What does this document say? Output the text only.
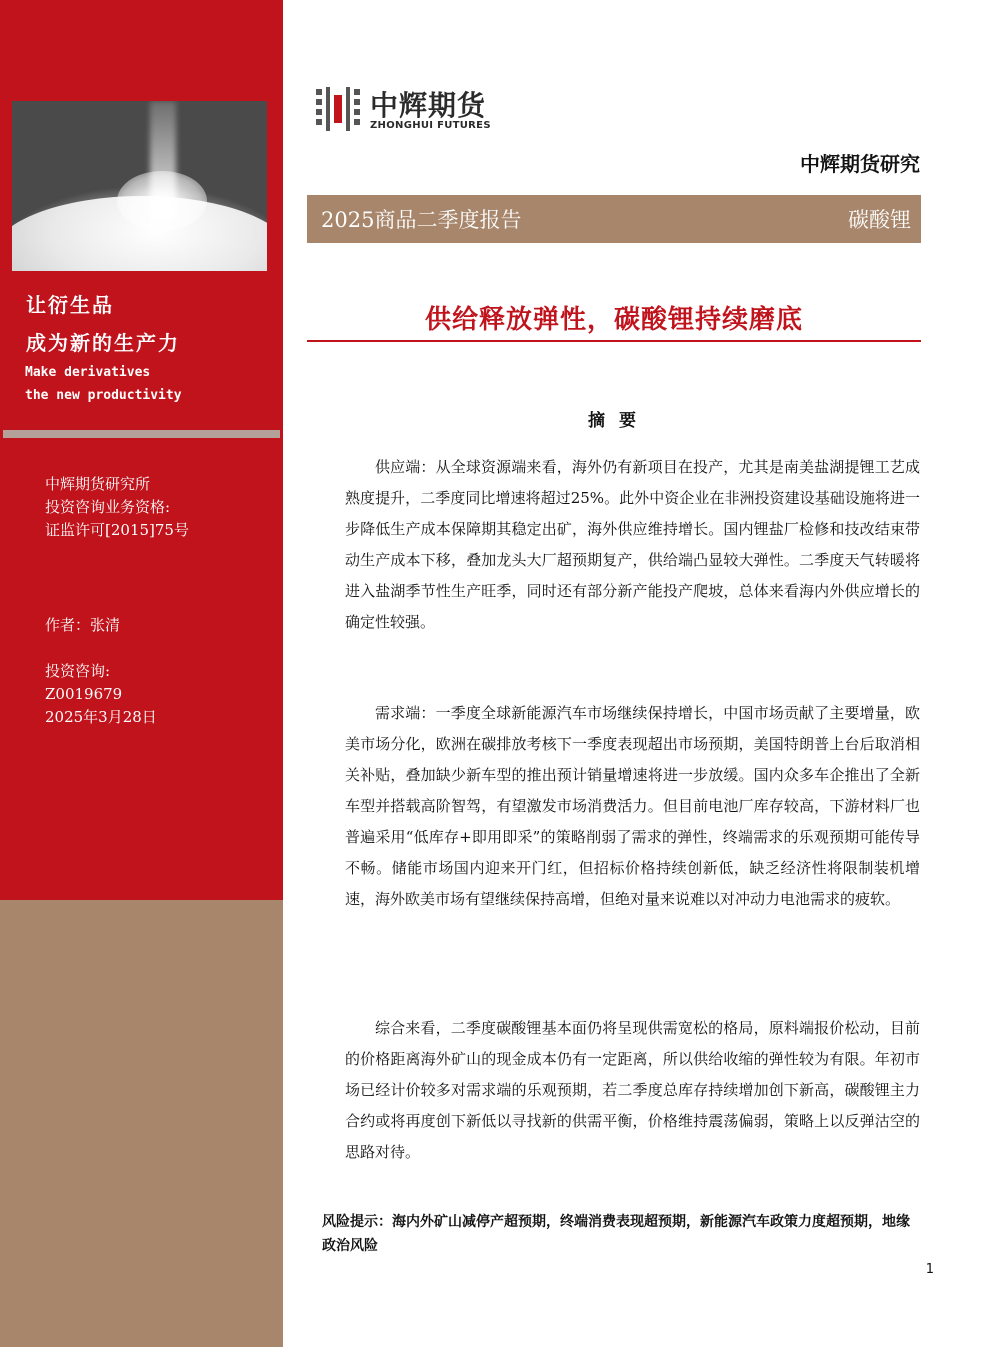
让衍生品
成为新的生产力
Make derivatives
the new productivity
中辉期货研究所
投资咨询业务资格:
证监许可[2015]75号
作者：张清
投资咨询:
Z0019679
2025年3月28日
中辉期货
ZHONGHUI FUTURES
中辉期货研究
2025商品二季度报告	碳酸锂
供给释放弹性，碳酸锂持续磨底
摘 要

供应端：从全球资源端来看，海外仍有新项目在投产，尤其是南美盐湖提锂工艺成熟度提升，二季度同比增速将超过25%。此外中资企业在非洲投资建设基础设施将进一步降低生产成本保障期其稳定出矿，海外供应维持增长。国内锂盐厂检修和技改结束带动生产成本下移，叠加龙头大厂超预期复产，供给端凸显较大弹性。二季度天气转暖将进入盐湖季节性生产旺季，同时还有部分新产能投产爬坡，总体来看海内外供应增长的确定性较强。

需求端：一季度全球新能源汽车市场继续保持增长，中国市场贡献了主要增量，欧美市场分化，欧洲在碳排放考核下一季度表现超出市场预期，美国特朗普上台后取消相关补贴，叠加缺少新车型的推出预计销量增速将进一步放缓。国内众多车企推出了全新车型并搭载高阶智驾，有望激发市场消费活力。但目前电池厂库存较高，下游材料厂也普遍采用“低库存+即用即采”的策略削弱了需求的弹性，终端需求的乐观预期可能传导不畅。储能市场国内迎来开门红，但招标价格持续创新低，缺乏经济性将限制装机增速，海外欧美市场有望继续保持高增，但绝对量来说难以对冲动力电池需求的疲软。

综合来看，二季度碳酸锂基本面仍将呈现供需宽松的格局，原料端报价松动，目前的价格距离海外矿山的现金成本仍有一定距离，所以供给收缩的弹性较为有限。年初市场已经计价较多对需求端的乐观预期，若二季度总库存持续增加创下新高，碳酸锂主力合约或将再度创下新低以寻找新的供需平衡，价格维持震荡偏弱，策略上以反弹沽空的思路对待。

风险提示：海内外矿山减停产超预期，终端消费表现超预期，新能源汽车政策力度超预期，地缘政治风险
1
